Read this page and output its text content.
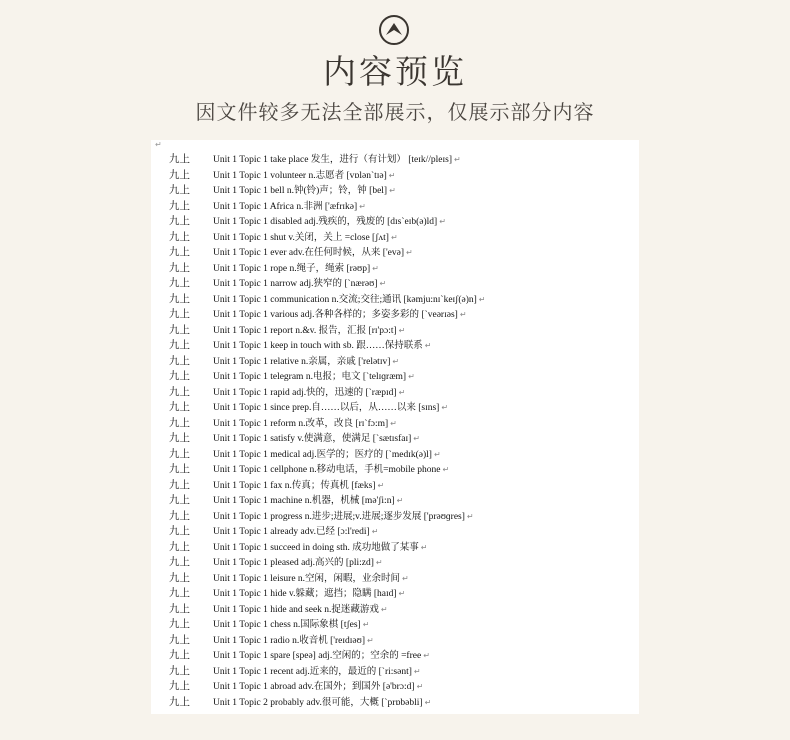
内容预览
因文件较多无法全部展示，仅展示部分内容
↵
九上	Unit 1 Topic 1 take place 发生，进行（有计划） [teɪk//pleɪs] ↵
九上	Unit 1 Topic 1 volunteer n.志愿者 [vɒlən`tɪə] ↵
九上	Unit 1 Topic 1 bell n.钟(铃)声；铃，钟 [bel] ↵
九上	Unit 1 Topic 1 Africa n.非洲 ['æfrɪkə] ↵
九上	Unit 1 Topic 1 disabled adj.残疾的，残废的 [dɪs`eɪb(ə)ld] ↵
九上	Unit 1 Topic 1 shut v.关闭，关上 =close [ʃʌt] ↵
九上	Unit 1 Topic 1 ever adv.在任何时候，从来 ['evə] ↵
九上	Unit 1 Topic 1 rope n.绳子，绳索 [rəʊp] ↵
九上	Unit 1 Topic 1 narrow adj.狭窄的 [`nærəʊ] ↵
九上	Unit 1 Topic 1 communication n.交流;交往;通讯 [kəmju:nɪ`keɪʃ(ə)n] ↵
九上	Unit 1 Topic 1 various adj.各种各样的；多姿多彩的 [`veərɪəs] ↵
九上	Unit 1 Topic 1 report n.&v. 报告，汇报 [rɪ'pɔ:t] ↵
九上	Unit 1 Topic 1 keep in touch with sb. 跟……保持联系 ↵
九上	Unit 1 Topic 1 relative n.亲属，亲戚 ['relətɪv] ↵
九上	Unit 1 Topic 1 telegram n.电报；电文 [`telɪɡræm] ↵
九上	Unit 1 Topic 1 rapid adj.快的，迅速的 [`ræpɪd] ↵
九上	Unit 1 Topic 1 since prep.自……以后，从……以来 [sɪns] ↵
九上	Unit 1 Topic 1 reform n.改革，改良 [rɪ`fɔ:m] ↵
九上	Unit 1 Topic 1 satisfy v.使满意，使满足 [`sætɪsfaɪ] ↵
九上	Unit 1 Topic 1 medical adj.医学的；医疗的 [`medɪk(ə)l] ↵
九上	Unit 1 Topic 1 cellphone n.移动电话，手机=mobile phone ↵
九上	Unit 1 Topic 1 fax n.传真；传真机 [fæks] ↵
九上	Unit 1 Topic 1 machine n.机器，机械 [mə'ʃi:n] ↵
九上	Unit 1 Topic 1 progress n.进步;进展;v.进展;逐步发展 ['prəʊɡres] ↵
九上	Unit 1 Topic 1 already adv.已经 [ɔ:l'redi] ↵
九上	Unit 1 Topic 1 succeed in doing sth. 成功地做了某事 ↵
九上	Unit 1 Topic 1 pleased adj.高兴的 [pli:zd] ↵
九上	Unit 1 Topic 1 leisure n.空闲，闲暇，业余时间 ↵
九上	Unit 1 Topic 1 hide v.躲藏；遮挡；隐瞒 [haɪd] ↵
九上	Unit 1 Topic 1 hide and seek n.捉迷藏游戏 ↵
九上	Unit 1 Topic 1 chess n.国际象棋 [tʃes] ↵
九上	Unit 1 Topic 1 radio n.收音机 ['reɪdɪəʊ] ↵
九上	Unit 1 Topic 1 spare [speə] adj.空闲的；空余的 =free ↵
九上	Unit 1 Topic 1 recent adj.近来的，最近的 [`ri:sənt] ↵
九上	Unit 1 Topic 1 abroad adv.在国外；到国外 [ə'brɔ:d] ↵
九上	Unit 1 Topic 2 probably adv.很可能，大概 [`prɒbəbli] ↵
